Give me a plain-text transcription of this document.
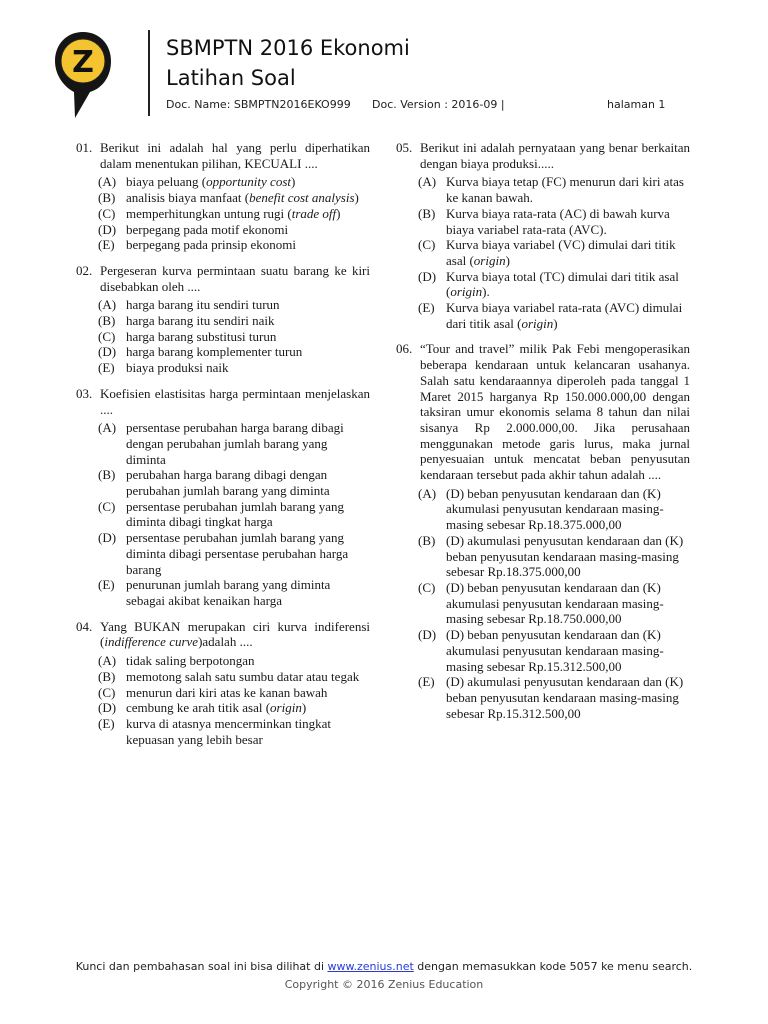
Z	SBMPTN 2016 Ekonomi
Latihan Soal
Doc. Name: SBMPTN2016EKO999 Doc. Version : 2016-09 |	halaman 1
01. Berikut ini adalah hal yang perlu diperhatikan dalam menentukan pilihan, KECUALI ....
(A) biaya peluang (opportunity cost)
(B) analisis biaya manfaat (benefit cost analysis)
(C) memperhitungkan untung rugi (trade off)
(D) berpegang pada motif ekonomi
(E) berpegang pada prinsip ekonomi
02. Pergeseran kurva permintaan suatu barang ke kiri disebabkan oleh ....
(A) harga barang itu sendiri turun
(B) harga barang itu sendiri naik
(C) harga barang substitusi turun
(D) harga barang komplementer turun
(E) biaya produksi naik
03. Koefisien elastisitas harga permintaan menjelaskan ....
(A) persentase perubahan harga barang dibagi dengan perubahan jumlah barang yang diminta
(B) perubahan harga barang dibagi dengan perubahan jumlah barang yang diminta
(C) persentase perubahan jumlah barang yang diminta dibagi tingkat harga
(D) persentase perubahan jumlah barang yang diminta dibagi persentase perubahan harga barang
(E) penurunan jumlah barang yang diminta sebagai akibat kenaikan harga
04. Yang BUKAN merupakan ciri kurva indiferensi (indifference curve)adalah ....
(A) tidak saling berpotongan
(B) memotong salah satu sumbu datar atau tegak
(C) menurun dari kiri atas ke kanan bawah
(D) cembung ke arah titik asal (origin)
(E) kurva di atasnya mencerminkan tingkat kepuasan yang lebih besar
05. Berikut ini adalah pernyataan yang benar berkaitan dengan biaya produksi.....
(A) Kurva biaya tetap (FC) menurun dari kiri atas ke kanan bawah.
(B) Kurva biaya rata-rata (AC) di bawah kurva biaya variabel rata-rata (AVC).
(C) Kurva biaya variabel (VC) dimulai dari titik asal (origin)
(D) Kurva biaya total (TC) dimulai dari titik asal (origin).
(E) Kurva biaya variabel rata-rata (AVC) dimulai dari titik asal (origin)
06. “Tour and travel” milik Pak Febi mengoperasikan beberapa kendaraan untuk kelancaran usahanya. Salah satu kendaraannya diperoleh pada tanggal 1 Maret 2015 harganya Rp 150.000.000,00 dengan taksiran umur ekonomis selama 8 tahun dan nilai sisanya Rp 2.000.000,00. Jika perusahaan menggunakan metode garis lurus, maka jurnal penyesuaian untuk mencatat beban penyusutan kendaraan tersebut pada akhir tahun adalah ....
(A) (D) beban penyusutan kendaraan dan (K) akumulasi penyusutan kendaraan masing-masing sebesar Rp.18.375.000,00
(B) (D) akumulasi penyusutan kendaraan dan (K) beban penyusutan kendaraan masing-masing sebesar Rp.18.375.000,00
(C) (D) beban penyusutan kendaraan dan (K) akumulasi penyusutan kendaraan masing-masing sebesar Rp.18.750.000,00
(D) (D) beban penyusutan kendaraan dan (K) akumulasi penyusutan kendaraan masing-masing sebesar Rp.15.312.500,00
(E) (D) akumulasi penyusutan kendaraan dan (K) beban penyusutan kendaraan masing-masing sebesar Rp.15.312.500,00
Kunci dan pembahasan soal ini bisa dilihat di www.zenius.net dengan memasukkan kode 5057 ke menu search.
Copyright © 2016 Zenius Education
